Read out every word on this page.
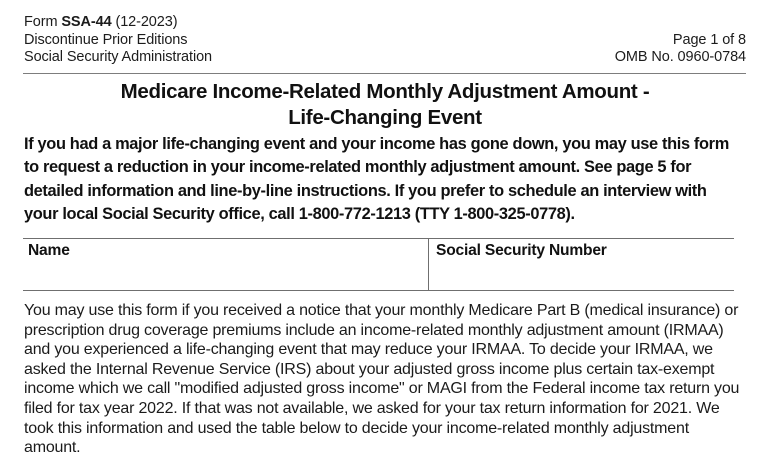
Form SSA-44 (12-2023)
Discontinue Prior Editions
Social Security Administration
Page 1 of 8
OMB No. 0960-0784
Medicare Income-Related Monthly Adjustment Amount -
Life-Changing Event
If you had a major life-changing event and your income has gone down, you may use this form to request a reduction in your income-related monthly adjustment amount. See page 5 for detailed information and line-by-line instructions. If you prefer to schedule an interview with your local Social Security office, call 1-800-772-1213 (TTY 1-800-325-0778).
Name	Social Security Number
You may use this form if you received a notice that your monthly Medicare Part B (medical insurance) or prescription drug coverage premiums include an income-related monthly adjustment amount (IRMAA) and you experienced a life-changing event that may reduce your IRMAA. To decide your IRMAA, we asked the Internal Revenue Service (IRS) about your adjusted gross income plus certain tax-exempt income which we call "modified adjusted gross income" or MAGI from the Federal income tax return you filed for tax year 2022. If that was not available, we asked for your tax return information for 2021. We took this information and used the table below to decide your income-related monthly adjustment amount.
